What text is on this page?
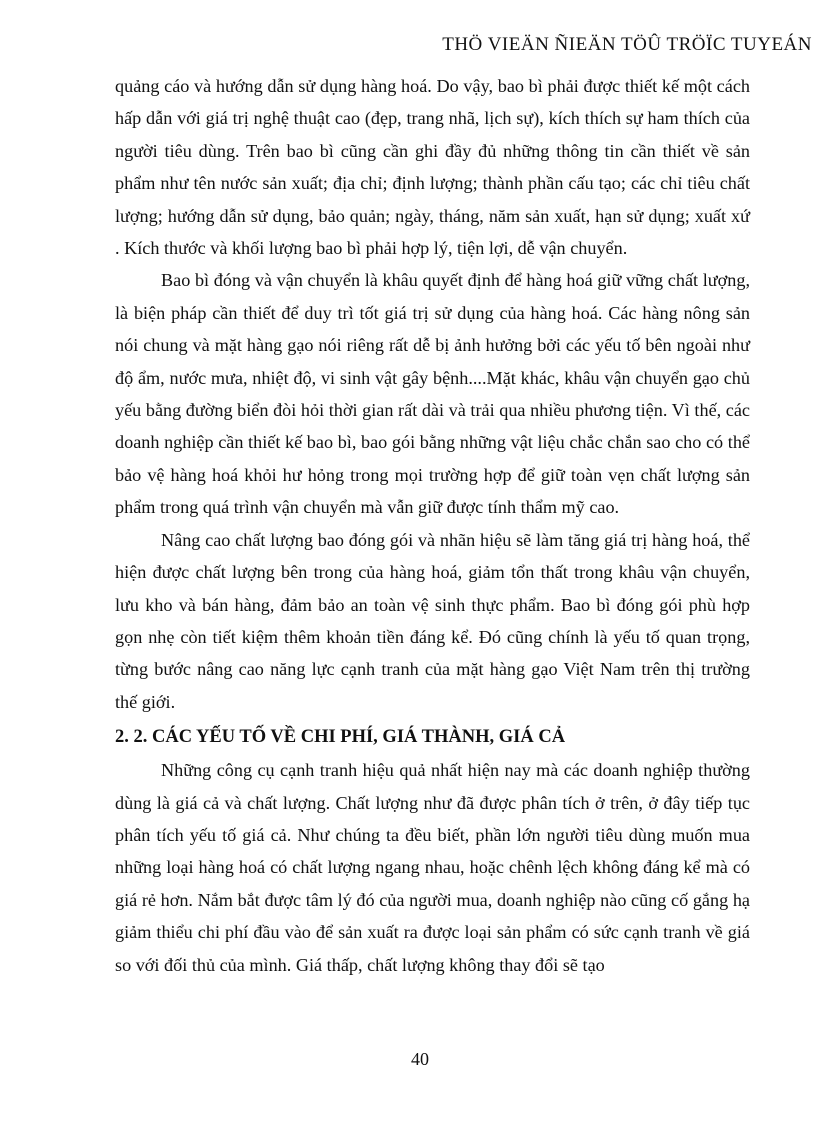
THÖ VIEÄN ÑIEÄN TÖÛ TRÖÏC TUYEÁN

quảng cáo và hướng dẫn sử dụng hàng hoá. Do vậy, bao bì phải được thiết kế một cách hấp dẫn với giá trị nghệ thuật cao (đẹp, trang nhã, lịch sự), kích thích sự ham thích của người tiêu dùng. Trên bao bì cũng cần ghi đầy đủ những thông tin cần thiết về sản phẩm như tên nước sản xuất; địa chỉ; định lượng; thành phần cấu tạo; các chỉ tiêu chất lượng; hướng dẫn sử dụng, bảo quản; ngày, tháng, năm sản xuất, hạn sử dụng; xuất xứ . Kích thước và khối lượng bao bì phải hợp lý, tiện lợi, dễ vận chuyển.

Bao bì đóng và vận chuyển là khâu quyết định để hàng hoá giữ vững chất lượng, là biện pháp cần thiết để duy trì tốt giá trị sử dụng của hàng hoá. Các hàng nông sản nói chung và mặt hàng gạo nói riêng rất dễ bị ảnh hưởng bởi các yếu tố bên ngoài như độ ẩm, nước mưa, nhiệt độ, vi sinh vật gây bệnh....Mặt khác, khâu vận chuyển gạo chủ yếu bằng đường biển đòi hỏi thời gian rất dài và trải qua nhiều phương tiện. Vì thế, các doanh nghiệp cần thiết kế bao bì, bao gói bằng những vật liệu chắc chắn sao cho có thể bảo vệ hàng hoá khỏi hư hỏng trong mọi trường hợp để giữ toàn vẹn chất lượng sản phẩm trong quá trình vận chuyển mà vẫn giữ được tính thẩm mỹ cao.

Nâng cao chất lượng bao đóng gói và nhãn hiệu sẽ làm tăng giá trị hàng hoá, thể hiện được chất lượng bên trong của hàng hoá, giảm tổn thất trong khâu vận chuyển, lưu kho và bán hàng, đảm bảo an toàn vệ sinh thực phẩm. Bao bì đóng gói phù hợp gọn nhẹ còn tiết kiệm thêm khoản tiền đáng kể. Đó cũng chính là yếu tố quan trọng, từng bước nâng cao năng lực cạnh tranh của mặt hàng gạo Việt Nam trên thị trường thế giới.

2. 2. CÁC YẾU TỐ VỀ CHI PHÍ, GIÁ THÀNH, GIÁ CẢ

Những công cụ cạnh tranh hiệu quả nhất hiện nay mà các doanh nghiệp thường dùng là giá cả và chất lượng. Chất lượng như đã được phân tích ở trên, ở đây tiếp tục phân tích yếu tố giá cả. Như chúng ta đều biết, phần lớn người tiêu dùng muốn mua những loại hàng hoá có chất lượng ngang nhau, hoặc chênh lệch không đáng kể mà có giá rẻ hơn. Nắm bắt được tâm lý đó của người mua, doanh nghiệp nào cũng cố gắng hạ giảm thiểu chi phí đầu vào để sản xuất ra được loại sản phẩm có sức cạnh tranh về giá so với đối thủ của mình. Giá thấp, chất lượng không thay đổi sẽ tạo

40
